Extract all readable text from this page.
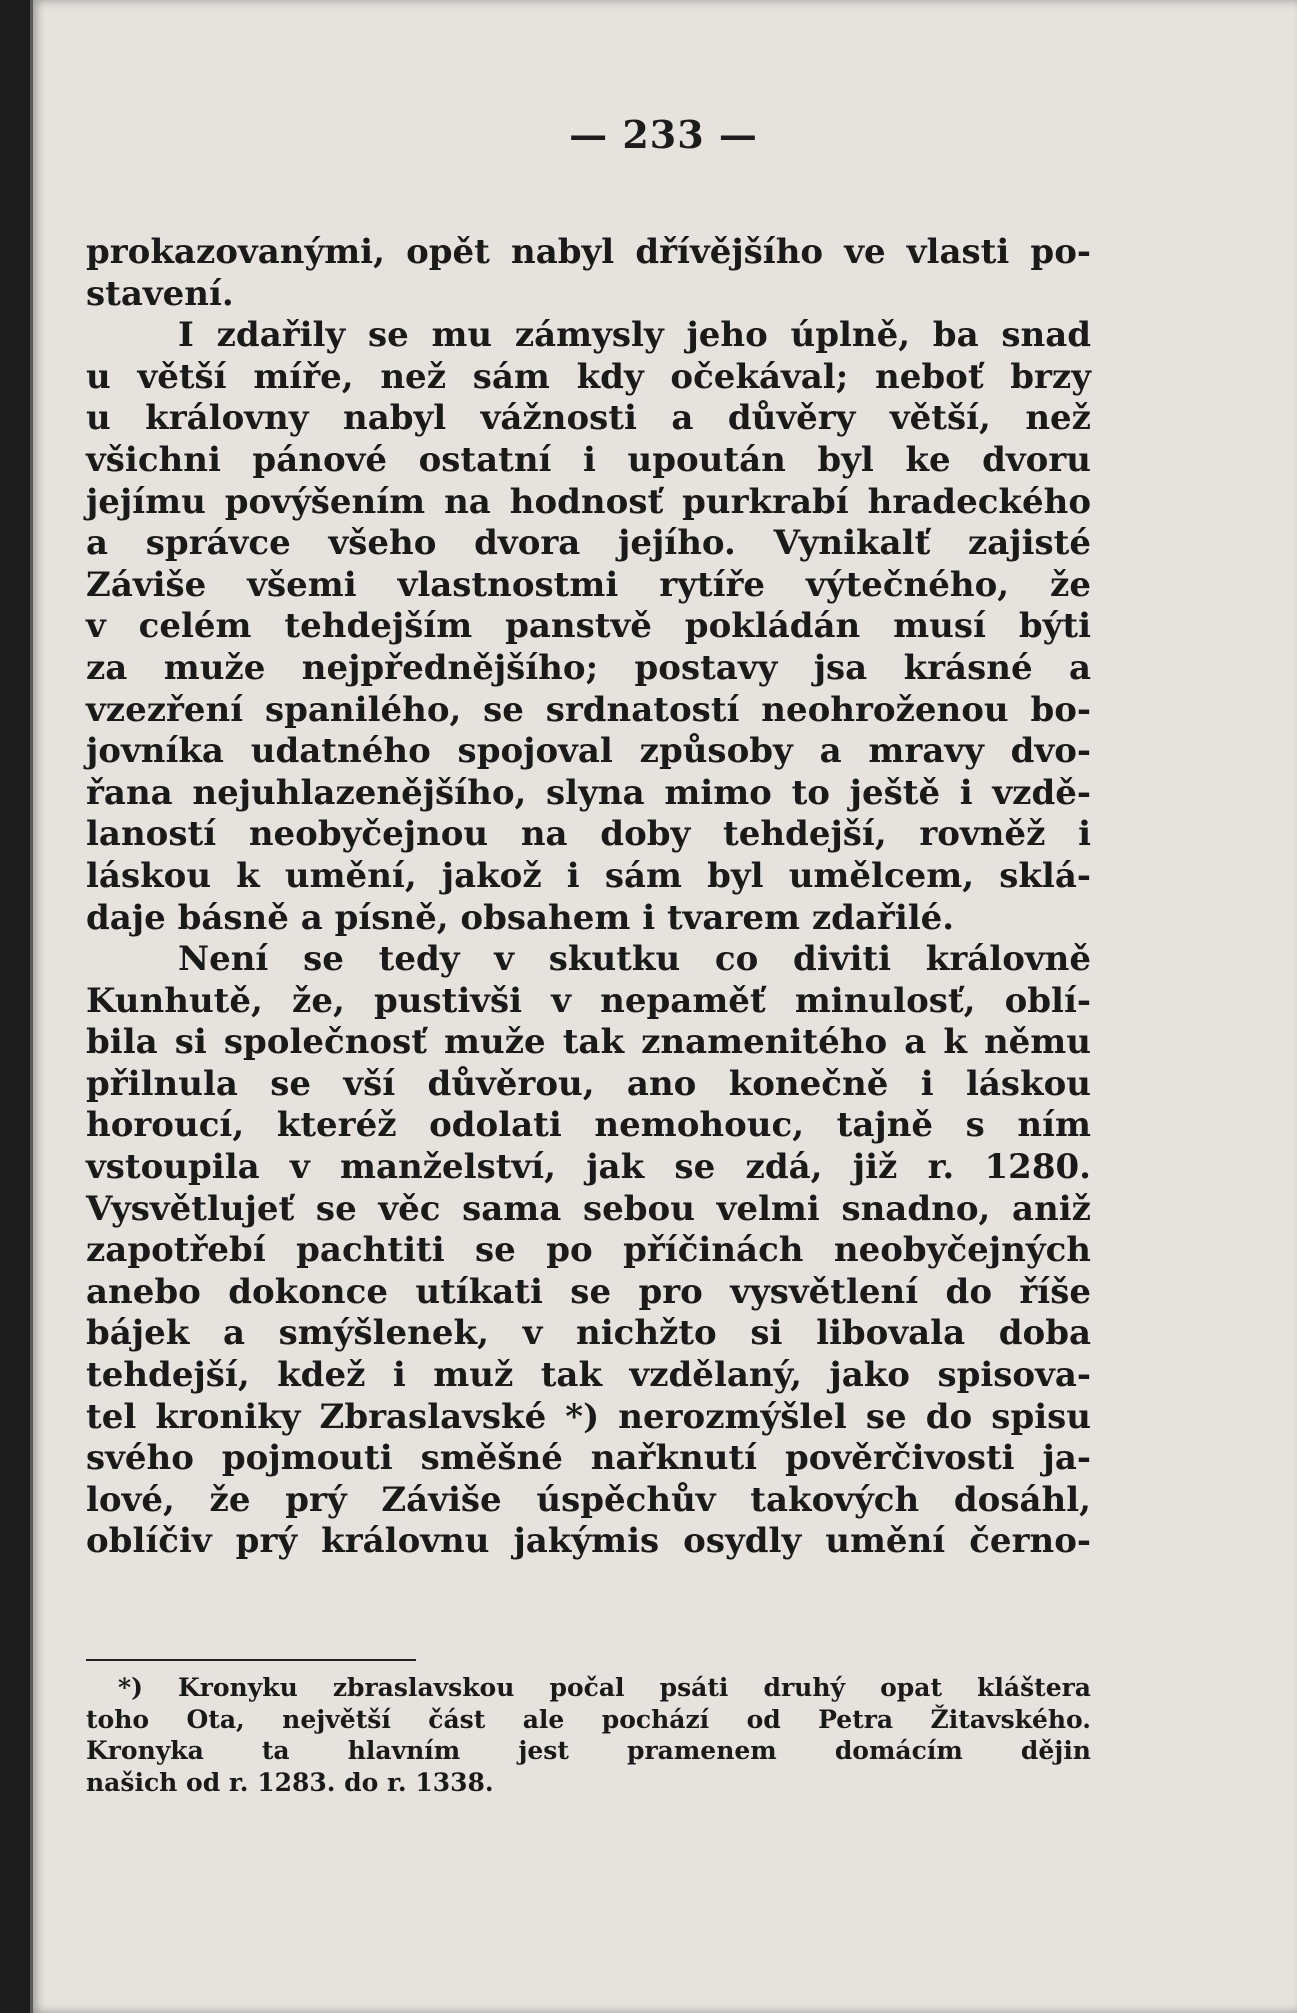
— 233 —
prokazovanými, opět nabyl dřívějšího ve vlasti po-
stavení.
I zdařily se mu zámysly jeho úplně, ba snad
u větší míře, než sám kdy očekával; neboť brzy
u královny nabyl vážnosti a důvěry větší, než
všichni pánové ostatní i upoután byl ke dvoru
jejímu povýšením na hodnosť purkrabí hradeckého
a správce všeho dvora jejího. Vynikalť zajisté
Záviše všemi vlastnostmi rytíře výtečného, že
v celém tehdejším panstvě pokládán musí býti
za muže nejpřednějšího; postavy jsa krásné a
vzezření spanilého, se srdnatostí neohroženou bo-
jovníka udatného spojoval způsoby a mravy dvo-
řana nejuhlazenějšího, slyna mimo to ještě i vzdě-
laností neobyčejnou na doby tehdejší, rovněž i
láskou k umění, jakož i sám byl umělcem, sklá-
daje básně a písně, obsahem i tvarem zdařilé.
Není se tedy v skutku co diviti královně
Kunhutě, že, pustivši v nepaměť minulosť, oblí-
bila si společnosť muže tak znamenitého a k němu
přilnula se vší důvěrou, ano konečně i láskou
horoucí, kteréž odolati nemohouc, tajně s ním
vstoupila v manželství, jak se zdá, již r. 1280.
Vysvětlujeť se věc sama sebou velmi snadno, aniž
zapotřebí pachtiti se po příčinách neobyčejných
anebo dokonce utíkati se pro vysvětlení do říše
bájek a smýšlenek, v nichžto si libovala doba
tehdejší, kdež i muž tak vzdělaný, jako spisova-
tel kroniky Zbraslavské *) nerozmýšlel se do spisu
svého pojmouti směšné nařknutí pověrčivosti ja-
lové, že prý Záviše úspěchův takových dosáhl,
oblíčiv prý královnu jakýmis osydly umění černo-
*) Kronyku zbraslavskou počal psáti druhý opat kláštera
toho Ota, největší část ale pochází od Petra Žitavského.
Kronyka ta hlavním jest pramenem domácím dějin
našich od r. 1283. do r. 1338.
